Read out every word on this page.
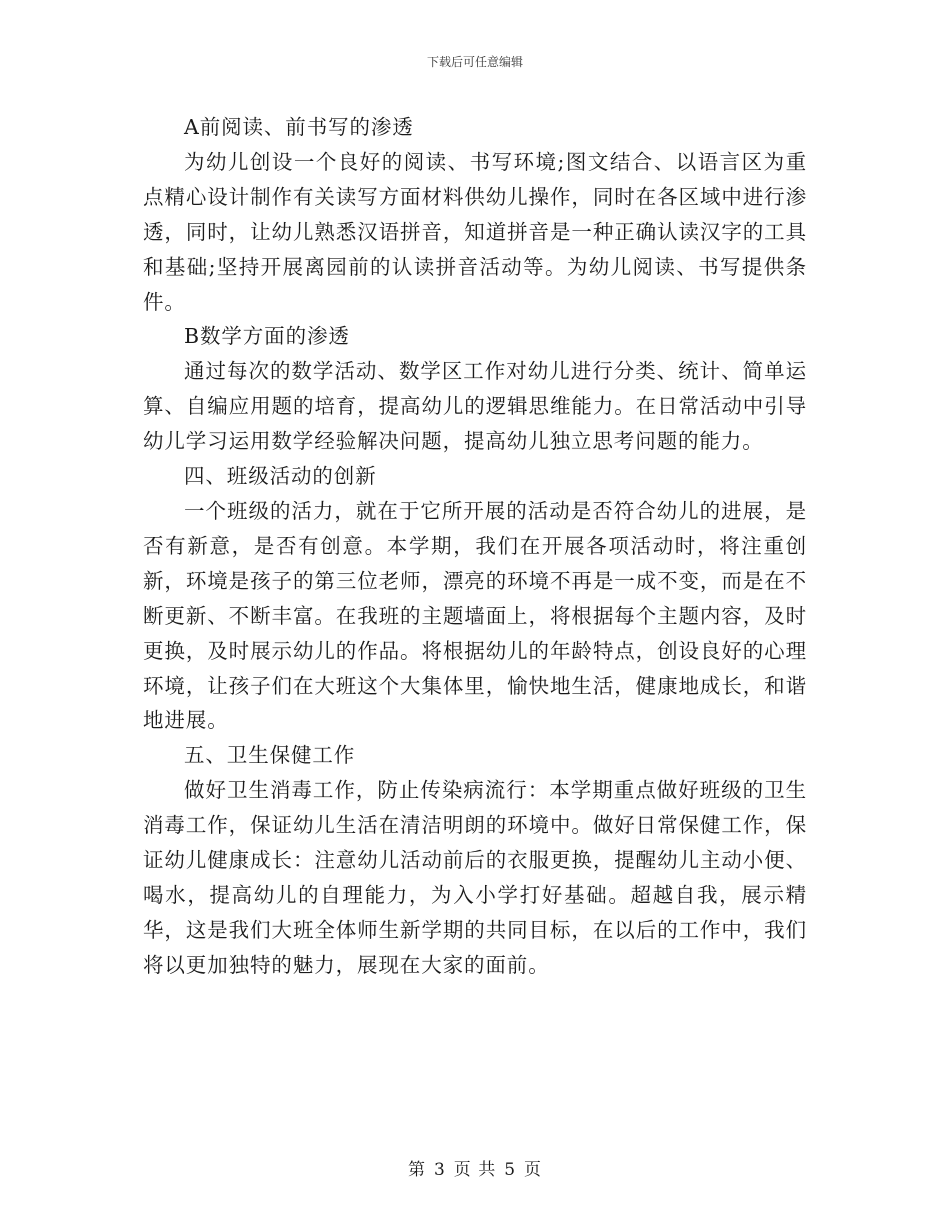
下载后可任意编辑

A前阅读、前书写的渗透

为幼儿创设一个良好的阅读、书写环境;图文结合、以语言区为重点精心设计制作有关读写方面材料供幼儿操作，同时在各区域中进行渗透，同时，让幼儿熟悉汉语拼音，知道拼音是一种正确认读汉字的工具和基础;坚持开展离园前的认读拼音活动等。为幼儿阅读、书写提供条件。

B数学方面的渗透

通过每次的数学活动、数学区工作对幼儿进行分类、统计、简单运算、自编应用题的培育，提高幼儿的逻辑思维能力。在日常活动中引导幼儿学习运用数学经验解决问题，提高幼儿独立思考问题的能力。

四、班级活动的创新

一个班级的活力，就在于它所开展的活动是否符合幼儿的进展，是否有新意，是否有创意。本学期，我们在开展各项活动时，将注重创新，环境是孩子的第三位老师，漂亮的环境不再是一成不变，而是在不断更新、不断丰富。在我班的主题墙面上，将根据每个主题内容，及时更换，及时展示幼儿的作品。将根据幼儿的年龄特点，创设良好的心理环境，让孩子们在大班这个大集体里，愉快地生活，健康地成长，和谐地进展。

五、卫生保健工作

做好卫生消毒工作，防止传染病流行：本学期重点做好班级的卫生消毒工作，保证幼儿生活在清洁明朗的环境中。做好日常保健工作，保证幼儿健康成长：注意幼儿活动前后的衣服更换，提醒幼儿主动小便、喝水，提高幼儿的自理能力，为入小学打好基础。超越自我，展示精华，这是我们大班全体师生新学期的共同目标，在以后的工作中，我们将以更加独特的魅力，展现在大家的面前。

第 3 页 共 5 页
